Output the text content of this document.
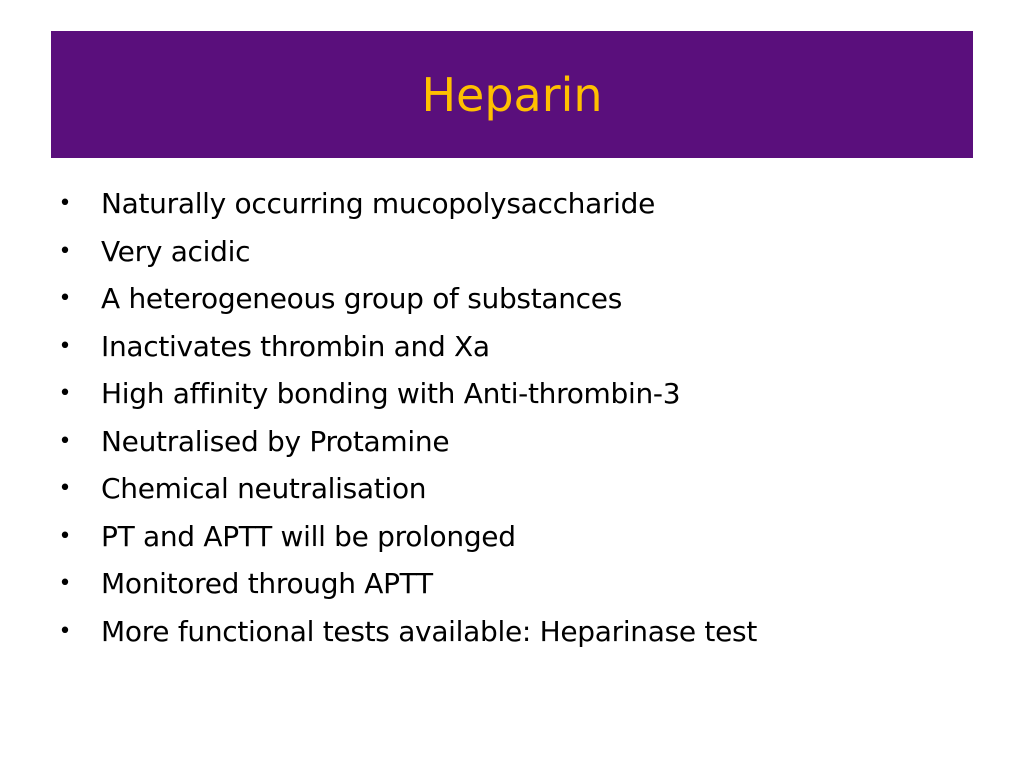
Heparin
• Naturally occurring mucopolysaccharide
• Very acidic
• A heterogeneous group of substances
• Inactivates thrombin and Xa
• High affinity bonding with Anti-thrombin-3
• Neutralised by Protamine
• Chemical neutralisation
• PT and APTT will be prolonged
• Monitored through APTT
• More functional tests available: Heparinase test
